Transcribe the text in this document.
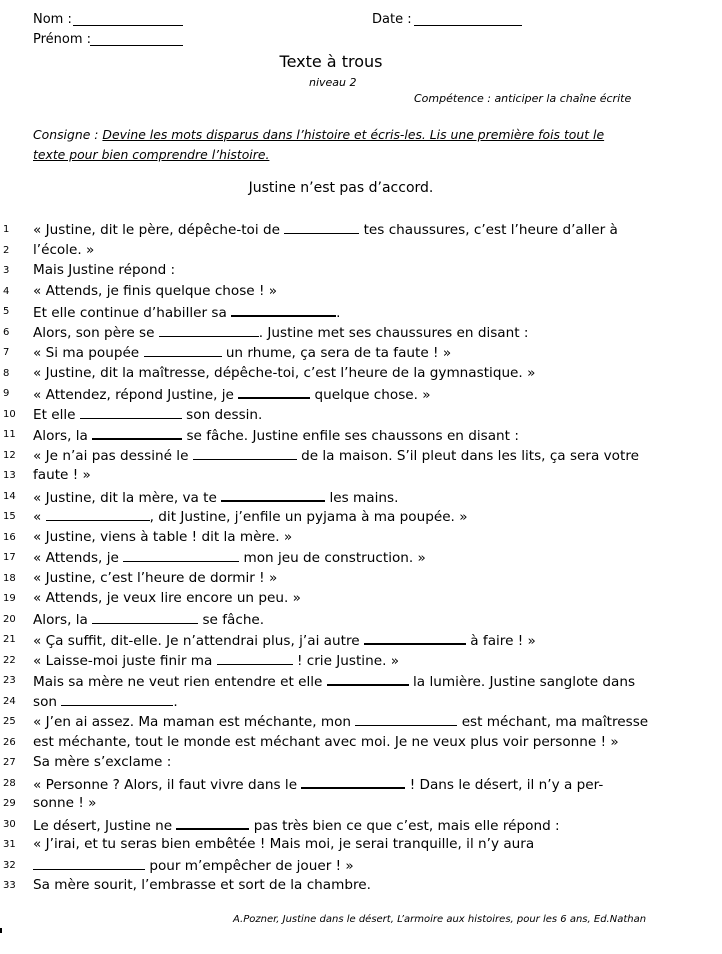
Nom :
Prénom :
Date :
Texte à trous
niveau 2
Compétence : anticiper la chaîne écrite
Consigne : Devine les mots disparus dans l’histoire et écris-les. Lis une première fois tout le
texte pour bien comprendre l’histoire.
Justine n’est pas d’accord.
1	« Justine, dit le père, dépêche-toi de	tes chaussures, c’est l’heure d’aller à
2	l’école. »
3	Mais Justine répond :
4	« Attends, je finis quelque chose ! »
5	Et elle continue d’habiller sa	.
6	Alors, son père se	. Justine met ses chaussures en disant :
7	« Si ma poupée	un rhume, ça sera de ta faute ! »
8	« Justine, dit la maîtresse, dépêche-toi, c’est l’heure de la gymnastique. »
9	« Attendez, répond Justine, je	quelque chose. »
10 Et elle	son dessin.
11 Alors, la	se fâche. Justine enfile ses chaussons en disant :
12 « Je n’ai pas dessiné le	de la maison. S’il pleut dans les lits, ça sera votre
13 faute ! »
14 « Justine, dit la mère, va te	les mains.
15 «	, dit Justine, j’enfile un pyjama à ma poupée. »
16 « Justine, viens à table ! dit la mère. »
17 « Attends, je	mon jeu de construction. »
18 « Justine, c’est l’heure de dormir ! »
19 « Attends, je veux lire encore un peu. »
20 Alors, la	se fâche.
21 « Ça suffit, dit-elle. Je n’attendrai plus, j’ai autre	à faire ! »
22 « Laisse-moi juste finir ma	! crie Justine. »
23 Mais sa mère ne veut rien entendre et elle	la lumière. Justine sanglote dans
24 son	.
25 « J’en ai assez. Ma maman est méchante, mon	est méchant, ma maîtresse
26 est méchante, tout le monde est méchant avec moi. Je ne veux plus voir personne ! »
27 Sa mère s’exclame :
28 « Personne ? Alors, il faut vivre dans le	! Dans le désert, il n’y a per-
29 sonne ! »
30 Le désert, Justine ne	pas très bien ce que c’est, mais elle répond :
31 « J’irai, et tu seras bien embêtée ! Mais moi, je serai tranquille, il n’y aura
32	pour m’empêcher de jouer ! »
33 Sa mère sourit, l’embrasse et sort de la chambre.
A.Pozner, Justine dans le désert, L’armoire aux histoires, pour les 6 ans, Ed.Nathan
